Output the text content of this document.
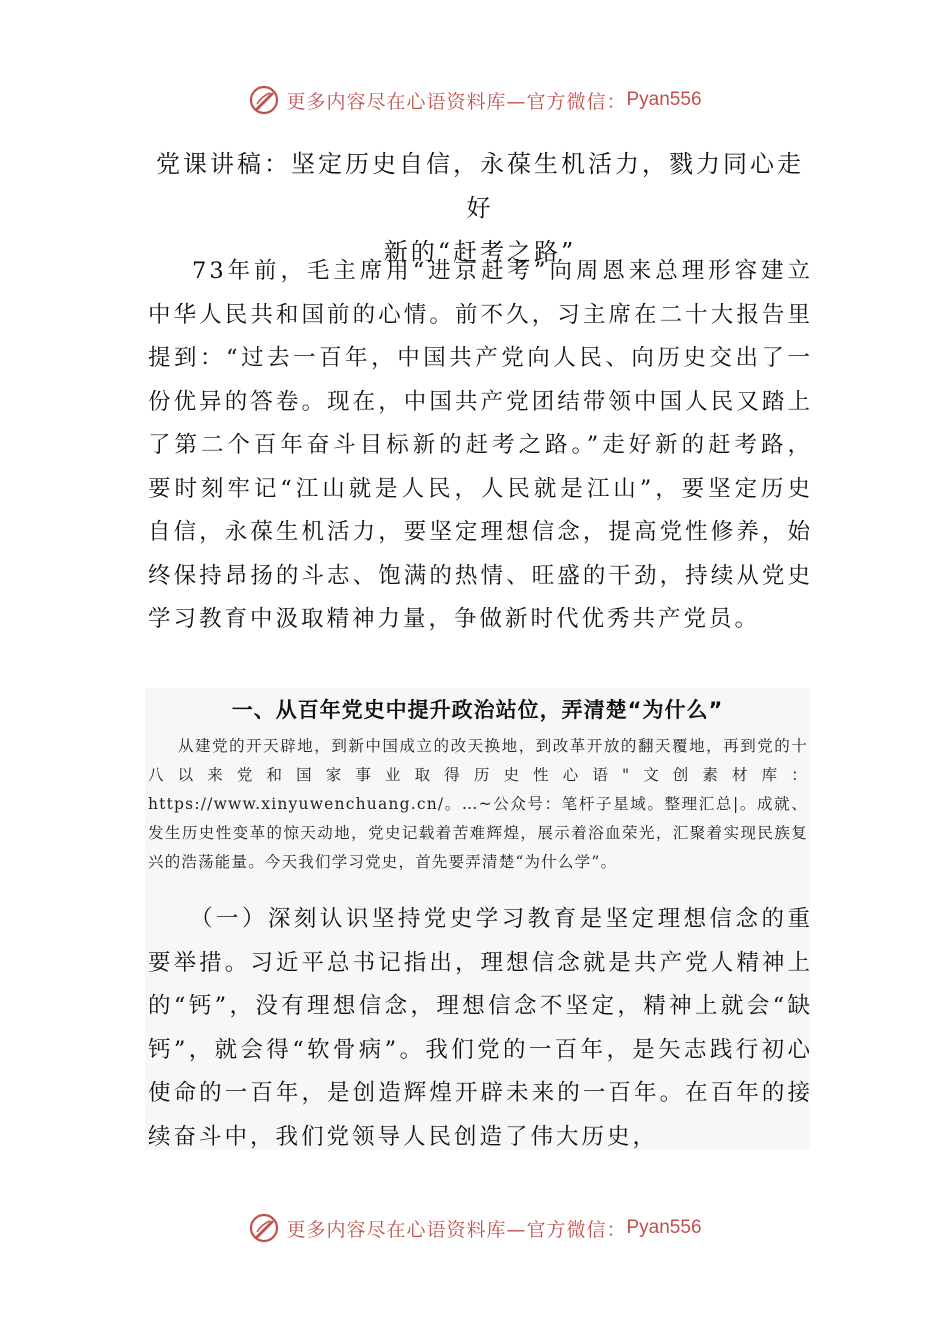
更多内容尽在心语资料库—官方微信： Pyan556
党课讲稿：坚定历史自信，永葆生机活力，戮力同心走好
新的“赶考之路”

73年前，毛主席用“进京赶考”向周恩来总理形容建立中华人民共和国前的心情。前不久，习主席在二十大报告里提到：“过去一百年，中国共产党向人民、向历史交出了一份优异的答卷。现在，中国共产党团结带领中国人民又踏上了第二个百年奋斗目标新的赶考之路。”走好新的赶考路，要时刻牢记“江山就是人民，人民就是江山”，要坚定历史自信，永葆生机活力，要坚定理想信念，提高党性修养，始终保持昂扬的斗志、饱满的热情、旺盛的干劲，持续从党史学习教育中汲取精神力量，争做新时代优秀共产党员。

一、从百年党史中提升政治站位，弄清楚“为什么”

从建党的开天辟地，到新中国成立的改天换地，到改革开放的翻天覆地，再到党的十八以来党和国家事业取得历史性心语"文创素材库：https://www.xinyuwenchuang.cn/。…~公众号：笔杆子星域。整理汇总|。成就、发生历史性变革的惊天动地，党史记载着苦难辉煌，展示着浴血荣光，汇聚着实现民族复兴的浩荡能量。今天我们学习党史，首先要弄清楚“为什么学”。

（一）深刻认识坚持党史学习教育是坚定理想信念的重要举措。习近平总书记指出，理想信念就是共产党人精神上的“钙”，没有理想信念，理想信念不坚定，精神上就会“缺钙”，就会得“软骨病”。我们党的一百年，是矢志践行初心使命的一百年，是创造辉煌开辟未来的一百年。在百年的接续奋斗中，我们党领导人民创造了伟大历史，

更多内容尽在心语资料库—官方微信： Pyan556
